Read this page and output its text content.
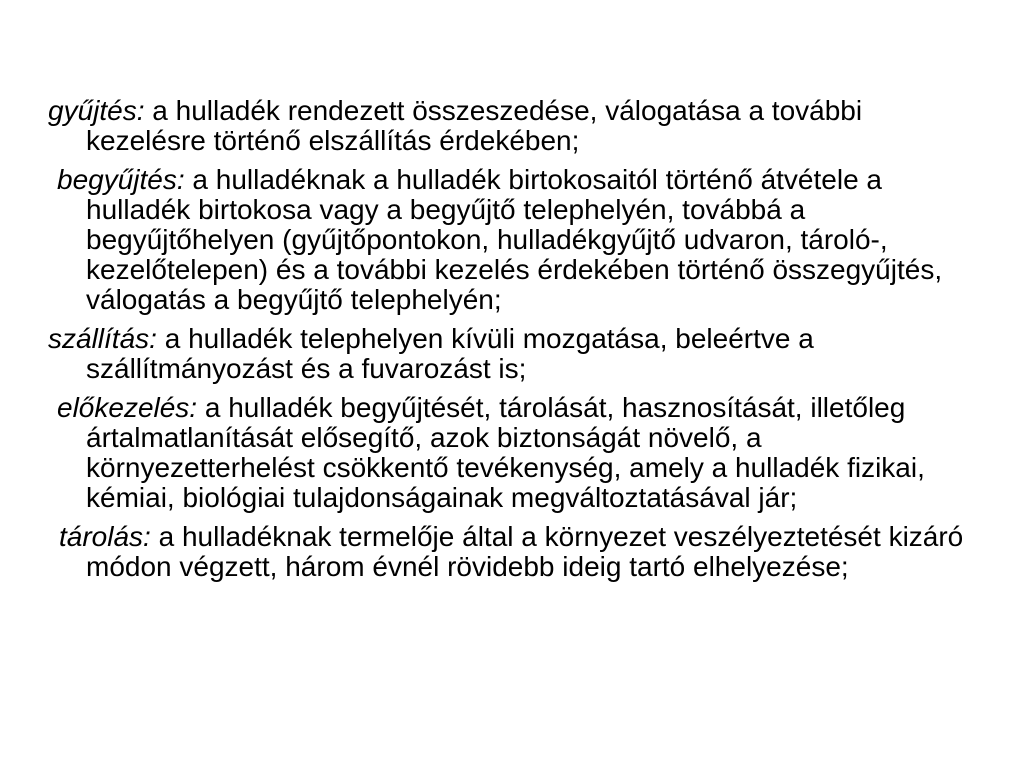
gyűjtés: a hulladék rendezett összeszedése, válogatása a további kezelésre történő elszállítás érdekében;
begyűjtés: a hulladéknak a hulladék birtokosaitól történő átvétele a hulladék birtokosa vagy a begyűjtő telephelyén, továbbá a begyűjtőhelyen (gyűjtőpontokon, hulladékgyűjtő udvaron, tároló-, kezelőtelepen) és a további kezelés érdekében történő összegyűjtés, válogatás a begyűjtő telephelyén;
szállítás: a hulladék telephelyen kívüli mozgatása, beleértve a szállítmányozást és a fuvarozást is;
előkezelés: a hulladék begyűjtését, tárolását, hasznosítását, illetőleg ártalmatlanítását elősegítő, azok biztonságát növelő, a környezetterhelést csökkentő tevékenység, amely a hulladék fizikai, kémiai, biológiai tulajdonságainak megváltoztatásával jár;
tárolás: a hulladéknak termelője által a környezet veszélyeztetését kizáró módon végzett, három évnél rövidebb ideig tartó elhelyezése;
